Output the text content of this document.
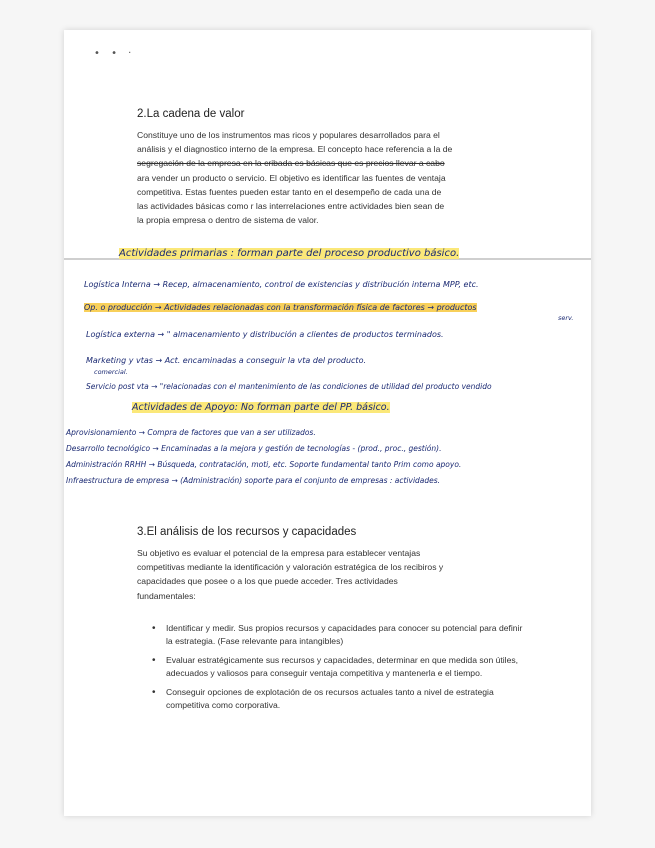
• • ·
2.La cadena de valor
Constituye uno de los instrumentos mas ricos y populares desarrollados para el
análisis y el diagnostico interno de la empresa. El concepto hace referencia a la de
segregación de la empresa en la cribada es básicas que es precios llevar a cabo
ara vender un producto o servicio. El objetivo es identificar las fuentes de ventaja
competitiva. Estas fuentes pueden estar tanto en el desempeño de cada una de
las actividades básicas como r las interrelaciones entre actividades bien sean de
la propia empresa o dentro de sistema de valor.
Actividades primarias : forman parte del proceso productivo básico.
Logística Interna → Recep, almacenamiento, control de existencias y distribución interna MPP, etc.
Op. o producción → Actividades relacionadas con la transformación física de factores → productos
serv.
Logística externa → " almacenamiento y distribución a clientes de productos terminados.
Marketing y vtas → Act. encaminadas a conseguir la vta del producto.
comercial.
Servicio post vta → "relacionadas con el mantenimiento de las condiciones de utilidad del producto vendido
Actividades de Apoyo: No forman parte del PP. básico.
Aprovisionamiento → Compra de factores que van a ser utilizados.
Desarrollo tecnológico → Encaminadas a la mejora y gestión de tecnologías - (prod., proc., gestión).
Administración RRHH → Búsqueda, contratación, moti, etc. Soporte fundamental tanto Prim como apoyo.
Infraestructura de empresa → (Administración) soporte para el conjunto de empresas : actividades.
3.El análisis de los recursos y capacidades
Su objetivo es evaluar el potencial de la empresa para establecer ventajas
competitivas mediante la identificación y valoración estratégica de los recibiros y
capacidades que posee o a los que puede acceder. Tres actividades
fundamentales:
• Identificar y medir. Sus propios recursos y capacidades para conocer su potencial para definir la estrategia. (Fase relevante para intangibles)
• Evaluar estratégicamente sus recursos y capacidades, determinar en que medida son útiles, adecuados y valiosos para conseguir ventaja competitiva y mantenerla e el tiempo.
• Conseguir opciones de explotación de os recursos actuales tanto a nivel de estrategia competitiva como corporativa.
